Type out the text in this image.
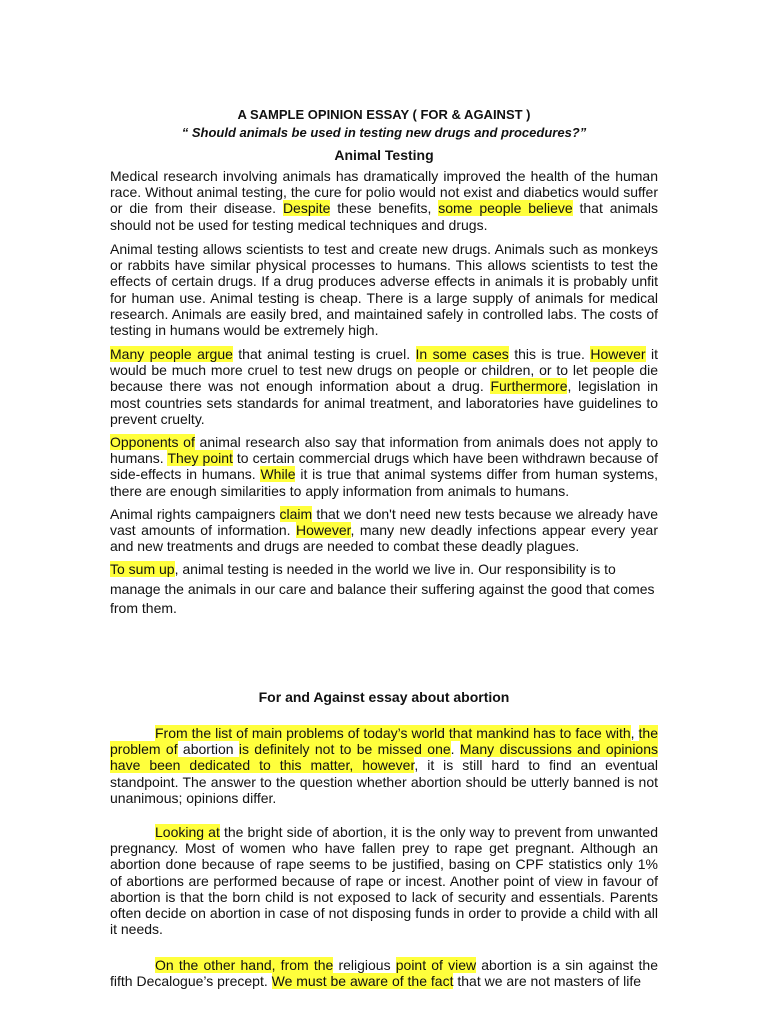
A SAMPLE OPINION ESSAY ( FOR & AGAINST )
“ Should animals be used in testing new drugs and procedures?”
Animal Testing

Medical research involving animals has dramatically improved the health of the human race. Without animal testing, the cure for polio would not exist and diabetics would suffer or die from their disease. Despite these benefits, some people believe that animals should not be used for testing medical techniques and drugs.

Animal testing allows scientists to test and create new drugs. Animals such as monkeys or rabbits have similar physical processes to humans. This allows scientists to test the effects of certain drugs. If a drug produces adverse effects in animals it is probably unfit for human use. Animal testing is cheap. There is a large supply of animals for medical research. Animals are easily bred, and maintained safely in controlled labs. The costs of testing in humans would be extremely high.

Many people argue that animal testing is cruel. In some cases this is true. However it would be much more cruel to test new drugs on people or children, or to let people die because there was not enough information about a drug. Furthermore, legislation in most countries sets standards for animal treatment, and laboratories have guidelines to prevent cruelty.

Opponents of animal research also say that information from animals does not apply to humans. They point to certain commercial drugs which have been withdrawn because of side-effects in humans. While it is true that animal systems differ from human systems, there are enough similarities to apply information from animals to humans.

Animal rights campaigners claim that we don't need new tests because we already have vast amounts of information. However, many new deadly infections appear every year and new treatments and drugs are needed to combat these deadly plagues.

To sum up, animal testing is needed in the world we live in. Our responsibility is to manage the animals in our care and balance their suffering against the good that comes from them.

For and Against essay about abortion

From the list of main problems of today’s world that mankind has to face with, the problem of abortion is definitely not to be missed one. Many discussions and opinions have been dedicated to this matter, however, it is still hard to find an eventual standpoint. The answer to the question whether abortion should be utterly banned is not unanimous; opinions differ.

Looking at the bright side of abortion, it is the only way to prevent from unwanted pregnancy. Most of women who have fallen prey to rape get pregnant. Although an abortion done because of rape seems to be justified, basing on CPF statistics only 1% of abortions are performed because of rape or incest. Another point of view in favour of abortion is that the born child is not exposed to lack of security and essentials. Parents often decide on abortion in case of not disposing funds in order to provide a child with all it needs.

On the other hand, from the religious point of view abortion is a sin against the fifth Decalogue’s precept. We must be aware of the fact that we are not masters of life
